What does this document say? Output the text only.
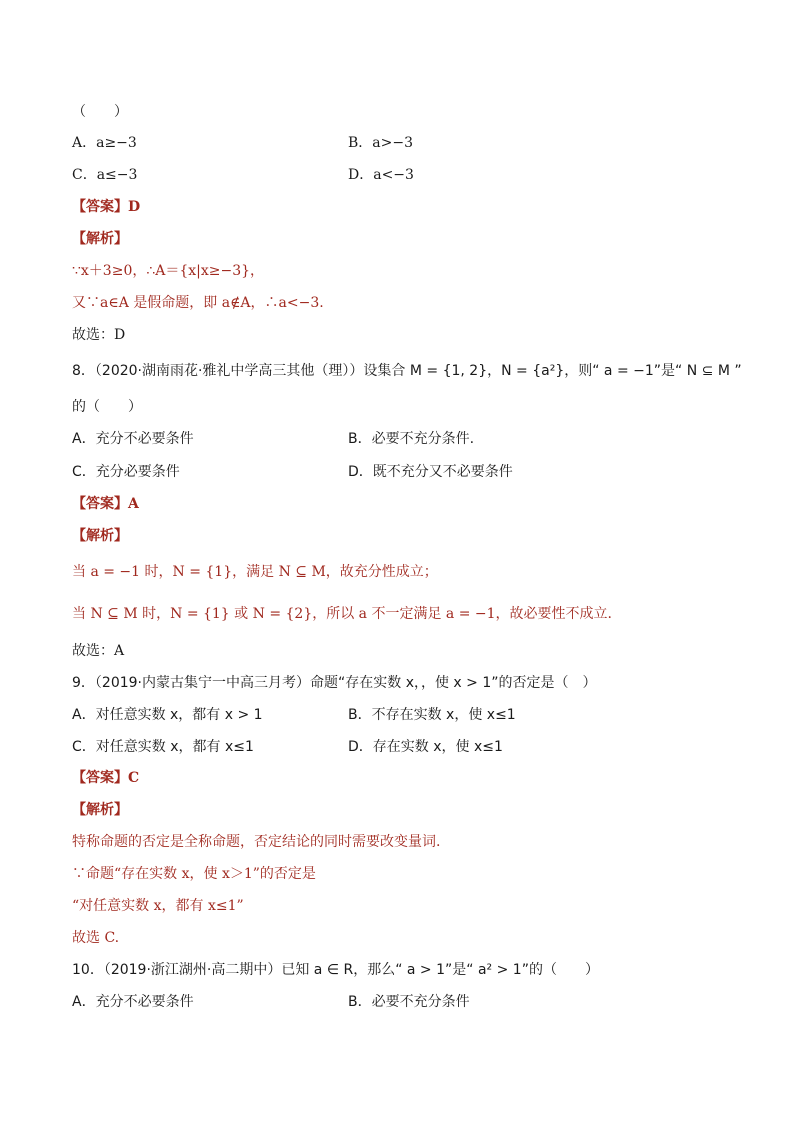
（　　）
A．a≥−3	B．a>−3
C．a≤−3	D．a<−3
【答案】D
【解析】
∵x＋3≥0，∴A＝{x|x≥−3}，
又∵a∈A 是假命题，即 a∉A，∴a<−3.
故选：D
8．（2020·湖南雨花·雅礼中学高三其他（理））设集合 M = {1, 2}，N = {a²}，则“ a = −1”是“ N ⊆ M ”
的（　　）
A．充分不必要条件	B．必要不充分条件.
C．充分必要条件	D．既不充分又不必要条件
【答案】A
【解析】
当 a = −1 时，N = {1}，满足 N ⊆ M，故充分性成立；
当 N ⊆ M 时，N = {1} 或 N = {2}，所以 a 不一定满足 a = −1，故必要性不成立.
故选：A
9．（2019·内蒙古集宁一中高三月考）命题“存在实数 x，，使 x > 1”的否定是（　）
A．对任意实数 x，都有 x > 1	B．不存在实数 x，使 x≤1
C．对任意实数 x，都有 x≤1	D．存在实数 x，使 x≤1
【答案】C
【解析】
特称命题的否定是全称命题，否定结论的同时需要改变量词.
∵命题“存在实数 x，使 x＞1”的否定是
“对任意实数 x，都有 x≤1”
故选 C.
10．（2019·浙江湖州·高二期中）已知 a ∈ R，那么“ a > 1”是“ a² > 1”的（　　）
A．充分不必要条件	B．必要不充分条件
